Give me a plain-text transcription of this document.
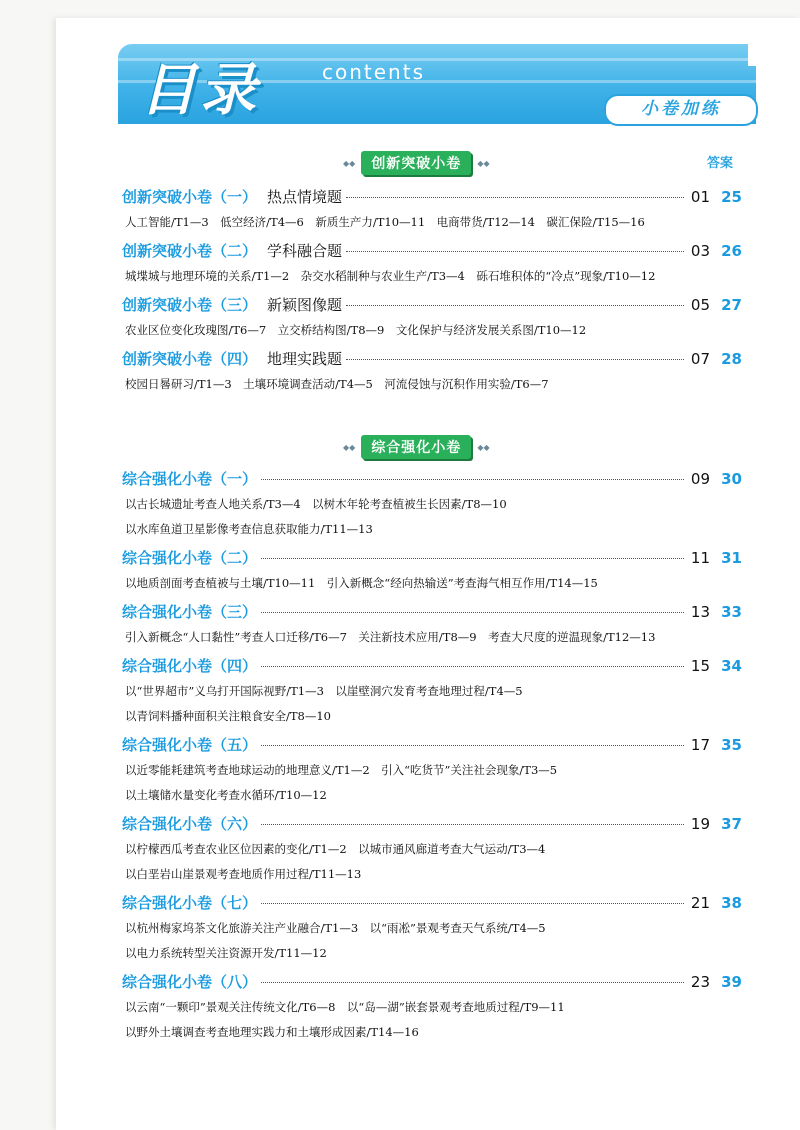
目录	contents
小卷加练
◆◆	创新突破小卷	◆◆	答案
创新突破小卷（一） 热点情境题	01 25
人工智能/T1—3　低空经济/T4—6　新质生产力/T10—11　电商带货/T12—14　碳汇保险/T15—16
创新突破小卷（二） 学科融合题	03 26
城堞城与地理环境的关系/T1—2　杂交水稻制种与农业生产/T3—4　砾石堆积体的“冷点”现象/T10—12
创新突破小卷（三） 新颖图像题	05 27
农业区位变化玫瑰图/T6—7　立交桥结构图/T8—9　文化保护与经济发展关系图/T10—12
创新突破小卷（四） 地理实践题	07 28
校园日晷研习/T1—3　土壤环境调查活动/T4—5　河流侵蚀与沉积作用实验/T6—7
◆◆	综合强化小卷	◆◆
综合强化小卷（一）	09 30
以古长城遗址考查人地关系/T3—4　以树木年轮考查植被生长因素/T8—10
以水库鱼道卫星影像考查信息获取能力/T11—13
综合强化小卷（二）	11 31
以地质剖面考查植被与土壤/T10—11　引入新概念“经向热输送”考查海气相互作用/T14—15
综合强化小卷（三）	13 33
引入新概念“人口黏性”考查人口迁移/T6—7　关注新技术应用/T8—9　考查大尺度的逆温现象/T12—13
综合强化小卷（四）	15 34
以“世界超市”义乌打开国际视野/T1—3　以崖壁洞穴发育考查地理过程/T4—5
以青饲料播种面积关注粮食安全/T8—10
综合强化小卷（五）	17 35
以近零能耗建筑考查地球运动的地理意义/T1—2　引入“吃货节”关注社会现象/T3—5
以土壤储水量变化考查水循环/T10—12
综合强化小卷（六）	19 37
以柠檬西瓜考查农业区位因素的变化/T1—2　以城市通风廊道考查大气运动/T3—4
以白垩岩山崖景观考查地质作用过程/T11—13
综合强化小卷（七）	21 38
以杭州梅家坞茶文化旅游关注产业融合/T1—3　以“雨凇”景观考查天气系统/T4—5
以电力系统转型关注资源开发/T11—12
综合强化小卷（八）	23 39
以云南“一颗印”景观关注传统文化/T6—8　以“岛—湖”嵌套景观考查地质过程/T9—11
以野外土壤调查考查地理实践力和土壤形成因素/T14—16
